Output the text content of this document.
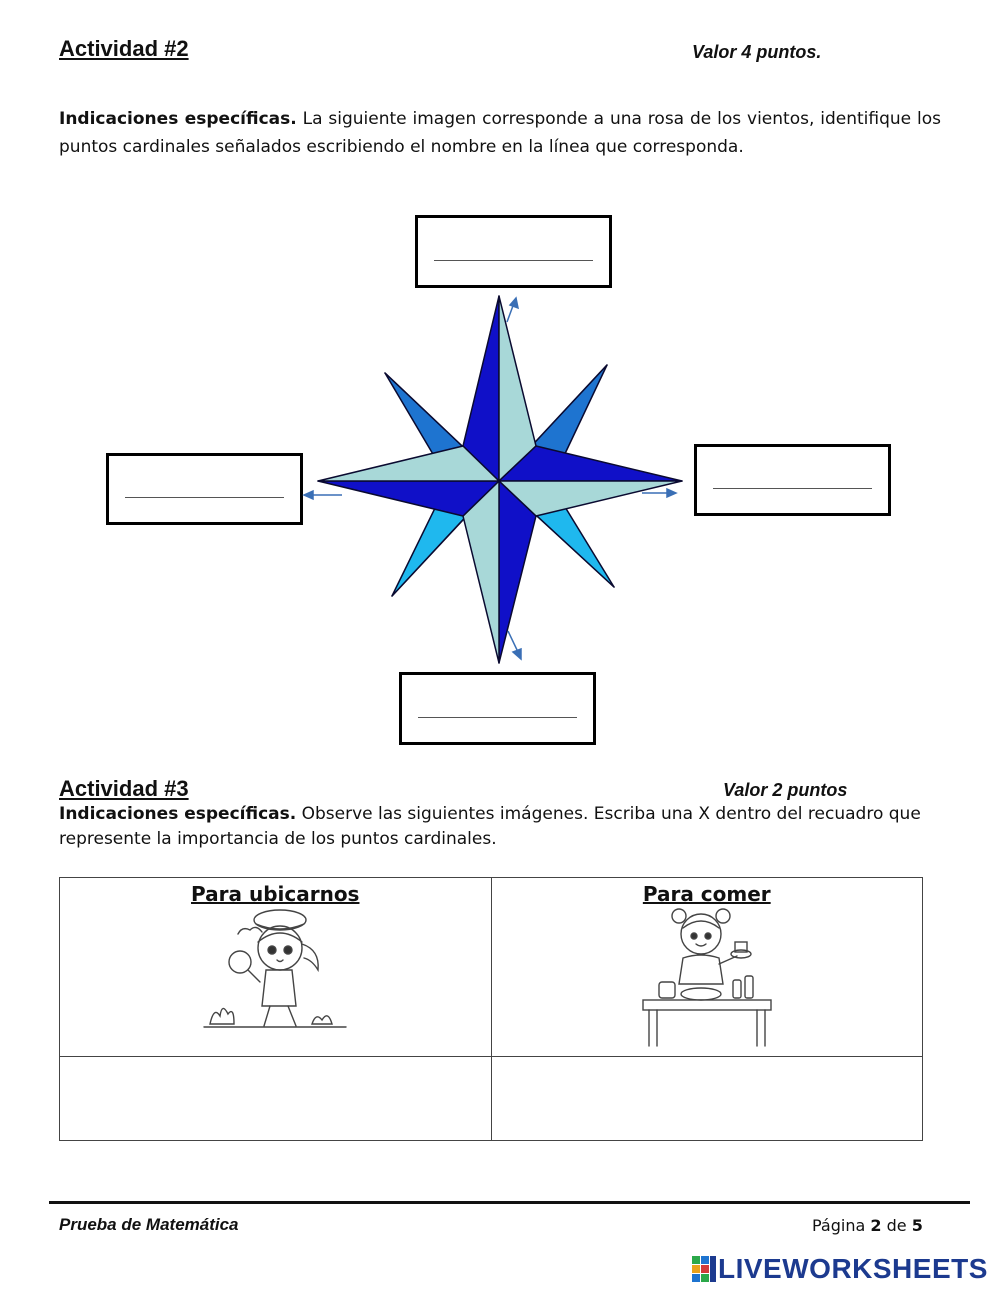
Actividad #2	Valor 4 puntos.
Indicaciones específicas. La siguiente imagen corresponde a una rosa de los vientos, identifique los puntos cardinales señalados escribiendo el nombre en la línea que corresponda.
Actividad #3	Valor 2 puntos
Indicaciones específicas. Observe las siguientes imágenes. Escriba una X dentro del recuadro que represente la importancia de los puntos cardinales.
Para ubicarnos	Para comer

Prueba de Matemática	Página 2 de 5
LIVEWORKSHEETS
